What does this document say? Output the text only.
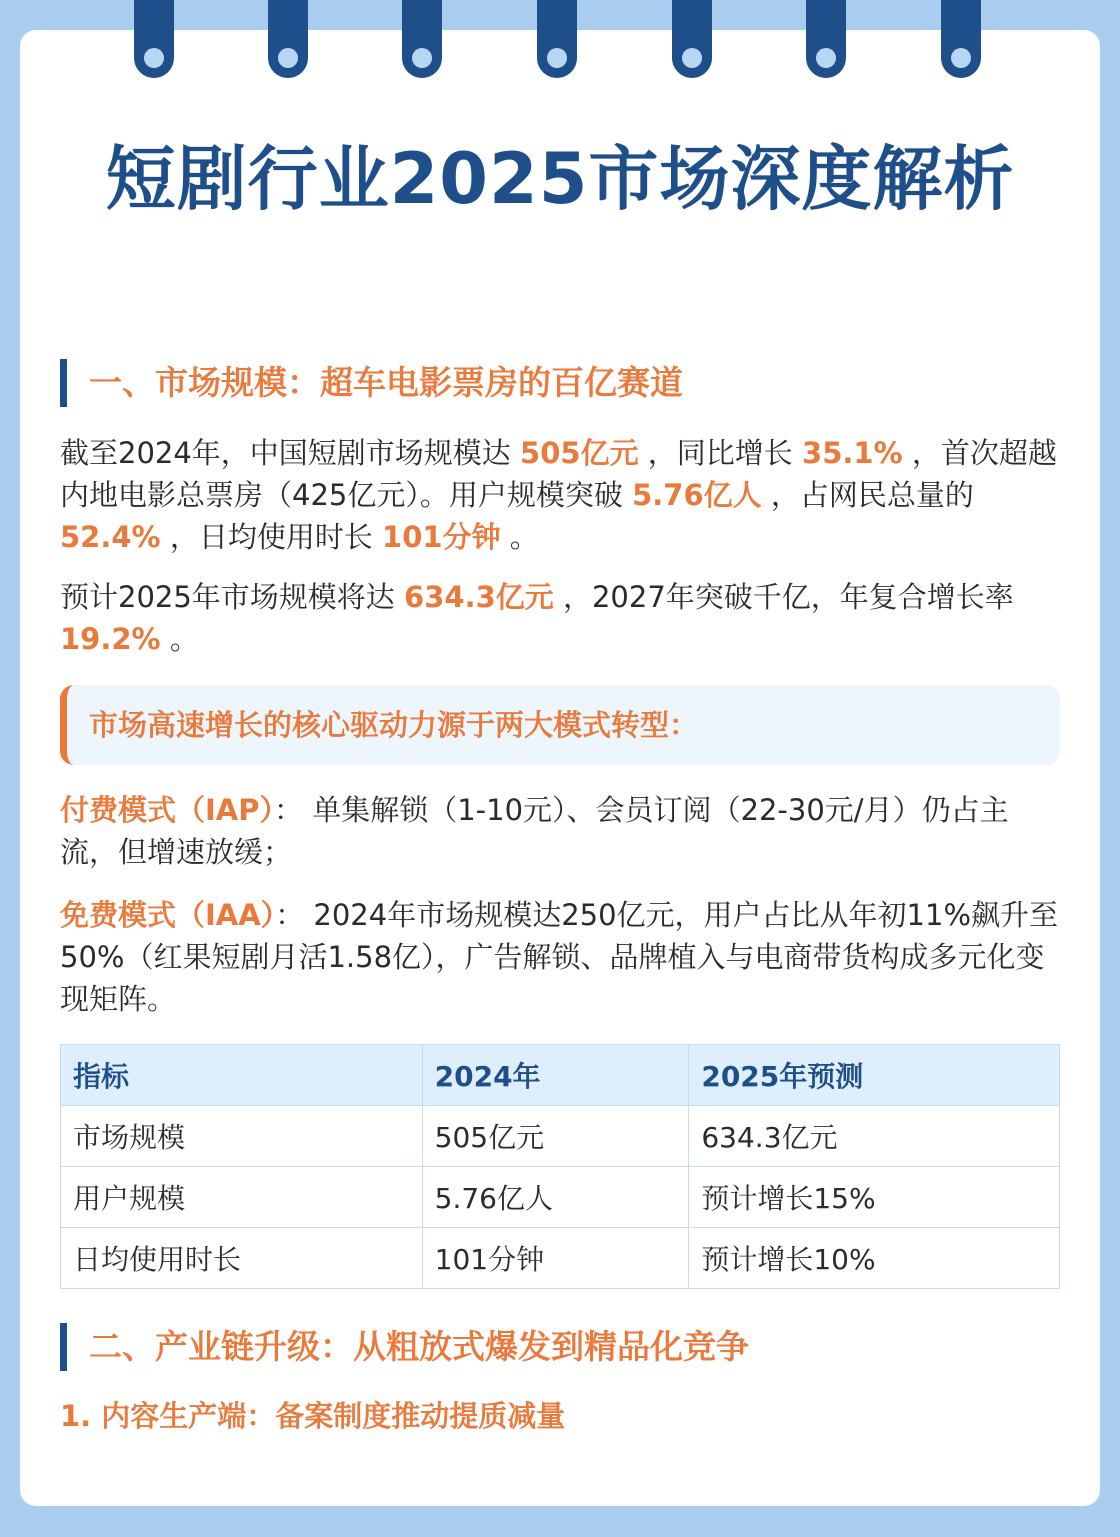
短剧行业2025市场深度解析
一、市场规模：超车电影票房的百亿赛道

截至2024年，中国短剧市场规模达 505亿元 ，同比增长 35.1% ，首次超越内地电影总票房（425亿元）。用户规模突破 5.76亿人 ，占网民总量的 52.4% ，日均使用时长 101分钟 。

预计2025年市场规模将达 634.3亿元 ，2027年突破千亿，年复合增长率 19.2% 。

市场高速增长的核心驱动力源于两大模式转型：

付费模式（IAP）： 单集解锁（1-10元）、会员订阅（22-30元/月）仍占主流，但增速放缓；

免费模式（IAA）： 2024年市场规模达250亿元，用户占比从年初11%飙升至50%（红果短剧月活1.58亿），广告解锁、品牌植入与电商带货构成多元化变现矩阵。

指标	2024年	2025年预测
市场规模	505亿元	634.3亿元
用户规模	5.76亿人	预计增长15%
日均使用时长	101分钟	预计增长10%
二、产业链升级：从粗放式爆发到精品化竞争
1. 内容生产端：备案制度推动提质减量
